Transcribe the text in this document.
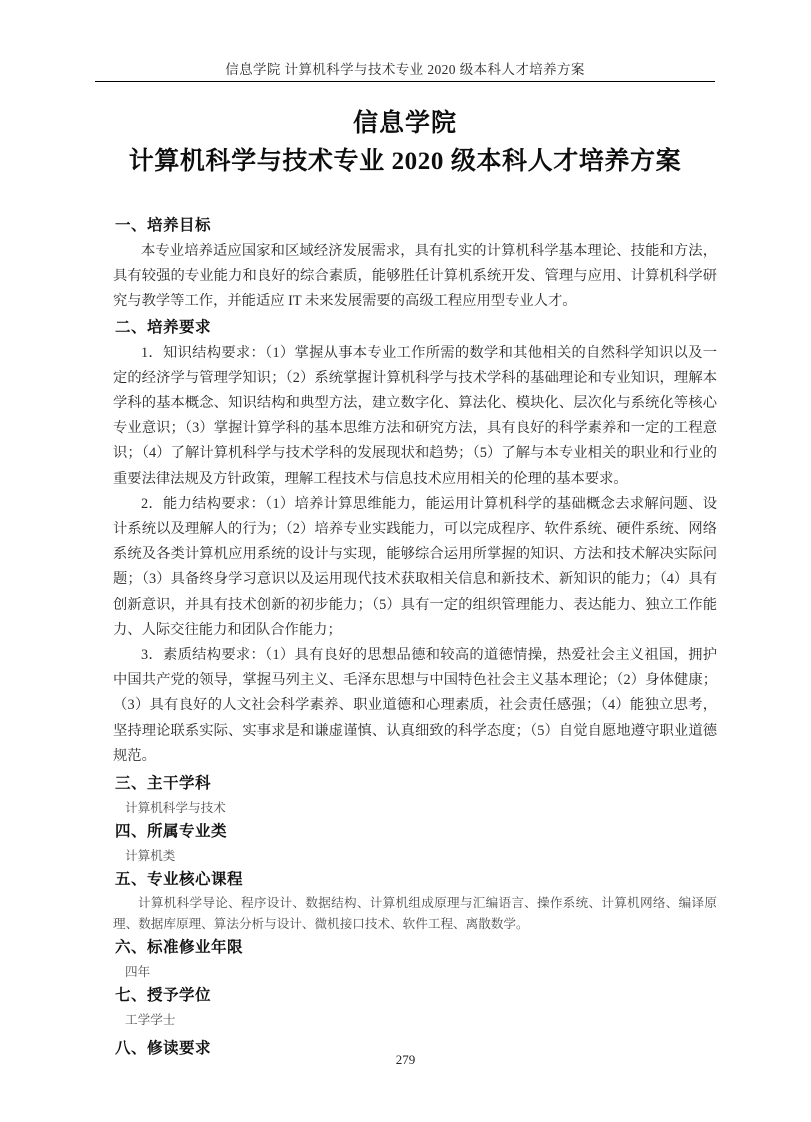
信息学院 计算机科学与技术专业 2020 级本科人才培养方案
信息学院
计算机科学与技术专业 2020 级本科人才培养方案
一、培养目标

本专业培养适应国家和区域经济发展需求，具有扎实的计算机科学基本理论、技能和方法，具有较强的专业能力和良好的综合素质，能够胜任计算机系统开发、管理与应用、计算机科学研究与教学等工作，并能适应 IT 未来发展需要的高级工程应用型专业人才。

二、培养要求

1．知识结构要求：（1）掌握从事本专业工作所需的数学和其他相关的自然科学知识以及一定的经济学与管理学知识；（2）系统掌握计算机科学与技术学科的基础理论和专业知识，理解本学科的基本概念、知识结构和典型方法，建立数字化、算法化、模块化、层次化与系统化等核心专业意识；（3）掌握计算学科的基本思维方法和研究方法，具有良好的科学素养和一定的工程意识；（4）了解计算机科学与技术学科的发展现状和趋势；（5）了解与本专业相关的职业和行业的重要法律法规及方针政策，理解工程技术与信息技术应用相关的伦理的基本要求。

2．能力结构要求：（1）培养计算思维能力，能运用计算机科学的基础概念去求解问题、设计系统以及理解人的行为；（2）培养专业实践能力，可以完成程序、软件系统、硬件系统、网络系统及各类计算机应用系统的设计与实现，能够综合运用所掌握的知识、方法和技术解决实际问题；（3）具备终身学习意识以及运用现代技术获取相关信息和新技术、新知识的能力；（4）具有创新意识，并具有技术创新的初步能力；（5）具有一定的组织管理能力、表达能力、独立工作能力、人际交往能力和团队合作能力；

3．素质结构要求：（1）具有良好的思想品德和较高的道德情操，热爱社会主义祖国，拥护中国共产党的领导，掌握马列主义、毛泽东思想与中国特色社会主义基本理论；（2）身体健康；（3）具有良好的人文社会科学素养、职业道德和心理素质，社会责任感强；（4）能独立思考，坚持理论联系实际、实事求是和谦虚谨慎、认真细致的科学态度；（5）自觉自愿地遵守职业道德规范。

三、主干学科

计算机科学与技术

四、所属专业类

计算机类

五、专业核心课程

计算机科学导论、程序设计、数据结构、计算机组成原理与汇编语言、操作系统、计算机网络、编译原理、数据库原理、算法分析与设计、微机接口技术、软件工程、离散数学。

六、标准修业年限

四年

七、授予学位

工学学士

八、修读要求
279
